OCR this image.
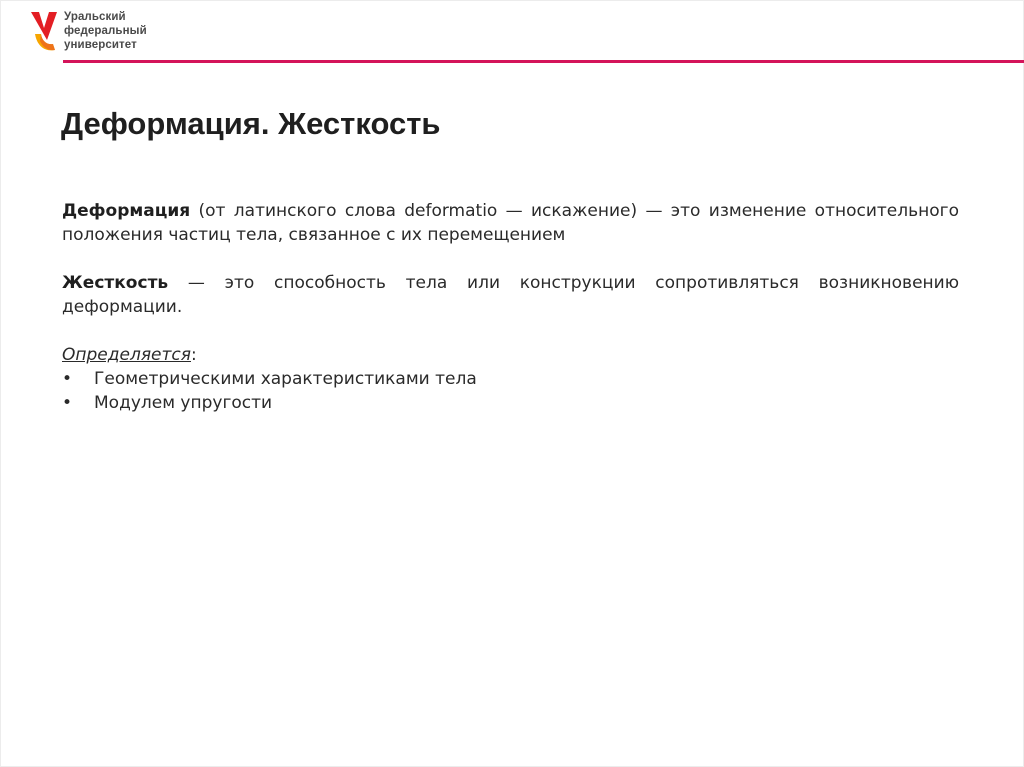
Уральский
федеральный
университет
Деформация. Жесткость

Деформация (от латинского слова deformatio — искажение) — это изменение относительного положения частиц тела, связанное с их перемещением

Жесткость — это способность тела или конструкции сопротивляться возникновению деформации.

Определяется:

• Геометрическими характеристиками тела
• Модулем упругости
